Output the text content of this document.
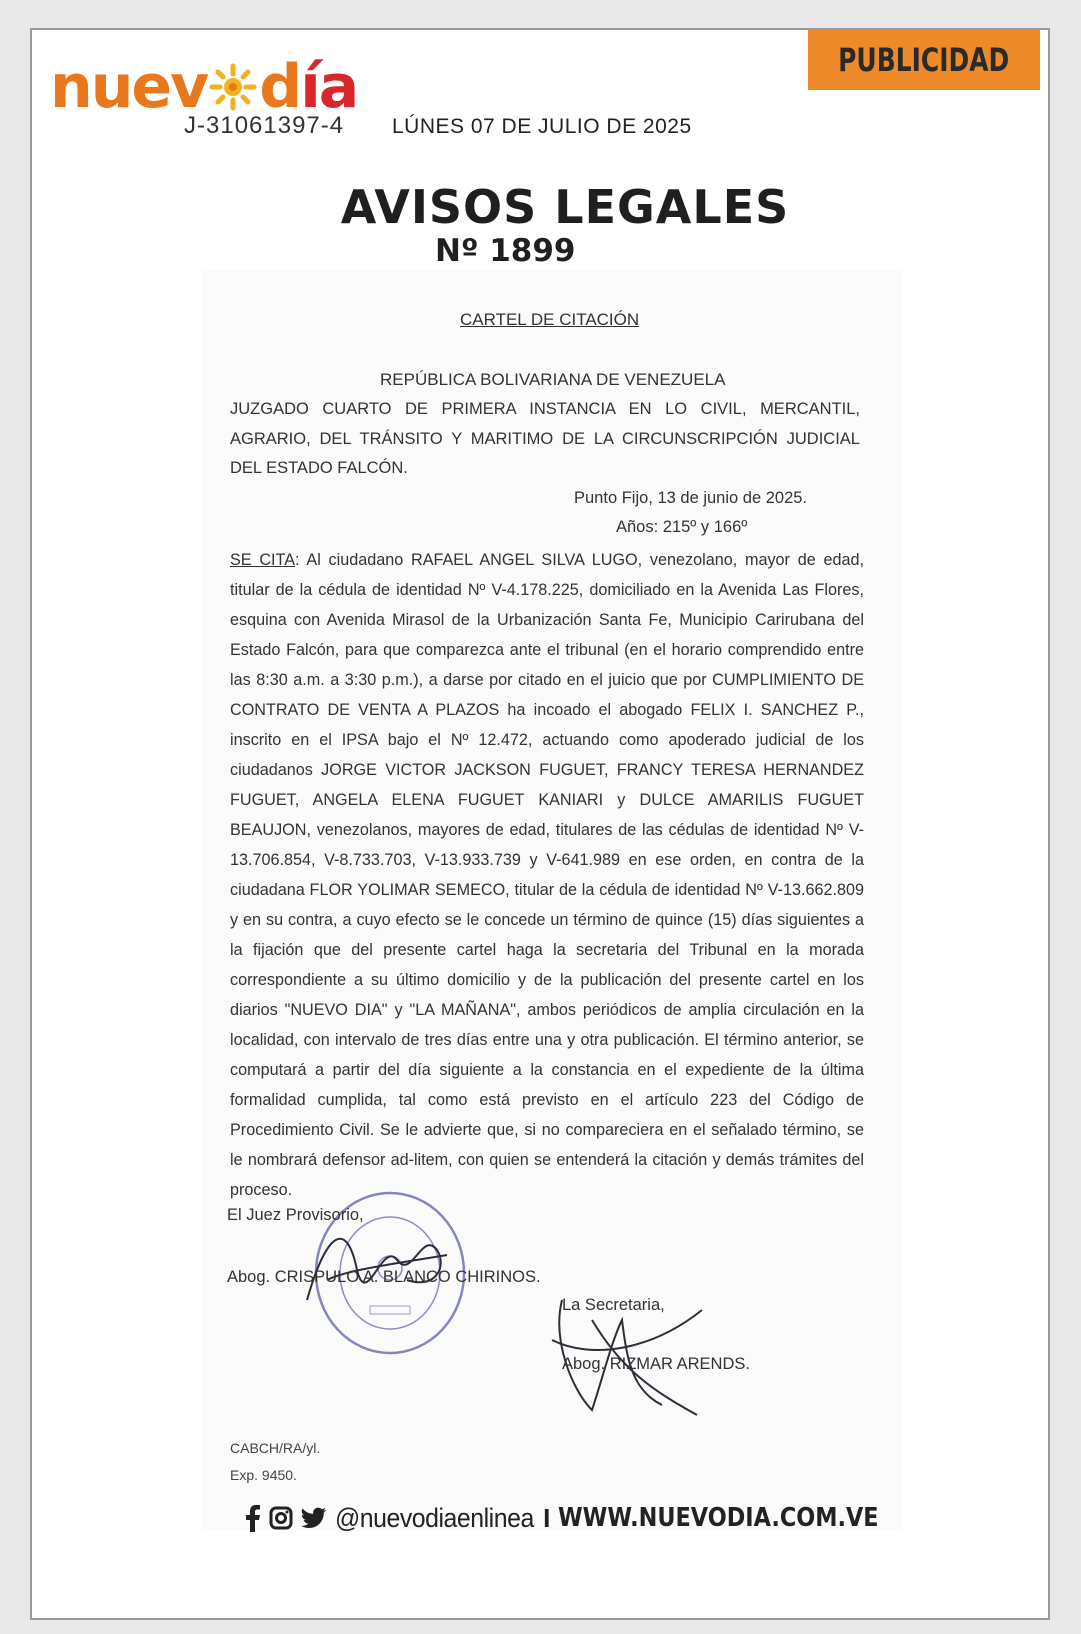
PUBLICIDAD
nuev d ía
J-31061397-4 LÚNES 07 DE JULIO DE 2025
AVISOS LEGALES
Nº 1899
CARTEL DE CITACIÓN
REPÚBLICA BOLIVARIANA DE VENEZUELA
JUZGADO CUARTO DE PRIMERA INSTANCIA EN LO CIVIL, MERCANTIL, AGRARIO, DEL TRÁNSITO Y MARITIMO DE LA CIRCUNSCRIPCIÓN JUDICIAL DEL ESTADO FALCÓN.
Punto Fijo, 13 de junio de 2025.
Años: 215º y 166º
SE CITA: Al ciudadano RAFAEL ANGEL SILVA LUGO, venezolano, mayor de edad, titular de la cédula de identidad Nº V-4.178.225, domiciliado en la Avenida Las Flores, esquina con Avenida Mirasol de la Urbanización Santa Fe, Municipio Carirubana del Estado Falcón, para que comparezca ante el tribunal (en el horario comprendido entre las 8:30 a.m. a 3:30 p.m.), a darse por citado en el juicio que por CUMPLIMIENTO DE CONTRATO DE VENTA A PLAZOS ha incoado el abogado FELIX I. SANCHEZ P., inscrito en el IPSA bajo el Nº 12.472, actuando como apoderado judicial de los ciudadanos JORGE VICTOR JACKSON FUGUET, FRANCY TERESA HERNANDEZ FUGUET, ANGELA ELENA FUGUET KANIARI y DULCE AMARILIS FUGUET BEAUJON, venezolanos, mayores de edad, titulares de las cédulas de identidad Nº V-13.706.854, V-8.733.703, V-13.933.739 y V-641.989 en ese orden, en contra de la ciudadana FLOR YOLIMAR SEMECO, titular de la cédula de identidad Nº V-13.662.809 y en su contra, a cuyo efecto se le concede un término de quince (15) días siguientes a la fijación que del presente cartel haga la secretaria del Tribunal en la morada correspondiente a su último domicilio y de la publicación del presente cartel en los diarios "NUEVO DIA" y "LA MAÑANA", ambos periódicos de amplia circulación en la localidad, con intervalo de tres días entre una y otra publicación. El término anterior, se computará a partir del día siguiente a la constancia en el expediente de la última formalidad cumplida, tal como está previsto en el artículo 223 del Código de Procedimiento Civil. Se le advierte que, si no compareciera en el señalado término, se le nombrará defensor ad-litem, con quien se entenderá la citación y demás trámites del proceso.
El Juez Provisorio,
Abog. CRISPULO A. BLANCO CHIRINOS.
La Secretaria,
Abog. RIZMAR ARENDS.
CABCH/RA/yl.
Exp. 9450.
@nuevodiaenlinea I WWW.NUEVODIA.COM.VE
